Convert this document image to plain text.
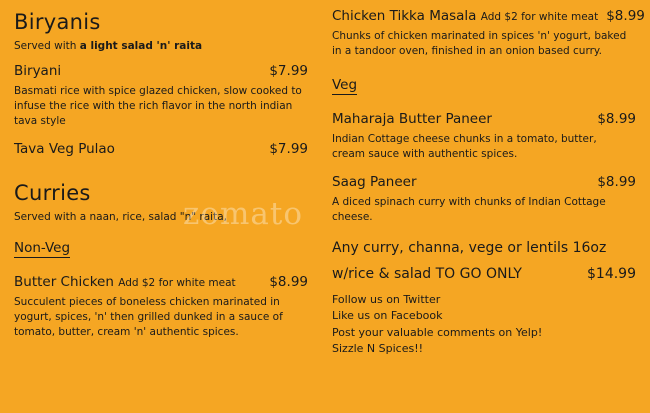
Biryanis
Served with a light salad 'n' raita
Biryani	$7.99
Basmati rice with spice glazed chicken, slow cooked to infuse the rice with the rich flavor in the north indian tava style
Tava Veg Pulao	$7.99
Curries
Served with a naan, rice, salad "n" raita,
Non-Veg
Butter Chicken Add $2 for white meat $8.99
Succulent pieces of boneless chicken marinated in yogurt, spices, 'n' then grilled dunked in a sauce of tomato, butter, cream 'n' authentic spices.
Chicken Tikka Masala Add $2 for white meat $8.99
Chunks of chicken marinated in spices 'n' yogurt, baked in a tandoor oven, finished in an onion based curry.
Veg
Maharaja Butter Paneer	$8.99
Indian Cottage cheese chunks in a tomato, butter, cream sauce with authentic spices.
Saag Paneer	$8.99
A diced spinach curry with chunks of Indian Cottage cheese.
Any curry, channa, vege or lentils 16oz
w/rice & salad TO GO ONLY	$14.99
Follow us on Twitter
Like us on Facebook
Post your valuable comments on Yelp!
Sizzle N Spices!!
zomato
